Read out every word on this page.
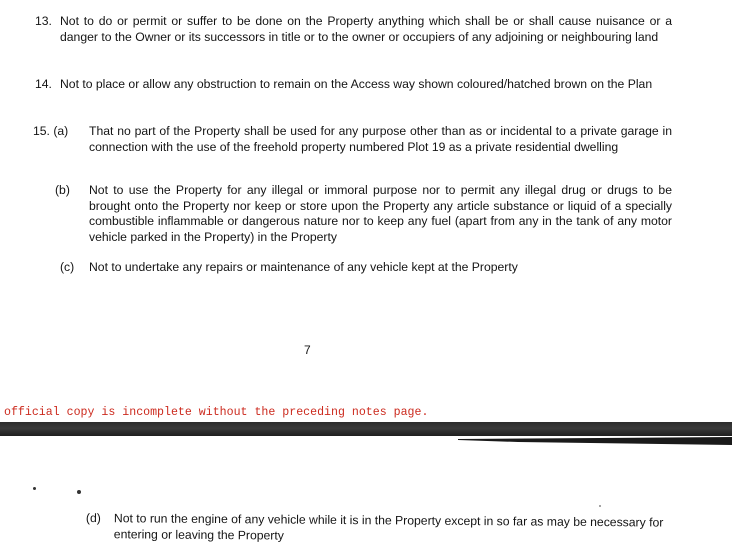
13. Not to do or permit or suffer to be done on the Property anything which shall be or shall cause nuisance or a danger to the Owner or its successors in title or to the owner or occupiers of any adjoining or neighbouring land
14. Not to place or allow any obstruction to remain on the Access way shown coloured/hatched brown on the Plan
15. (a) That no part of the Property shall be used for any purpose other than as or incidental to a private garage in connection with the use of the freehold property numbered Plot 19 as a private residential dwelling
(b) Not to use the Property for any illegal or immoral purpose nor to permit any illegal drug or drugs to be brought onto the Property nor keep or store upon the Property any article substance or liquid of a specially combustible inflammable or dangerous nature nor to keep any fuel (apart from any in the tank of any motor vehicle parked in the Property) in the Property
(c) Not to undertake any repairs or maintenance of any vehicle kept at the Property
7
official copy is incomplete without the preceding notes page.
(d) Not to run the engine of any vehicle while it is in the Property except in so far as may be necessary for entering or leaving the Property
